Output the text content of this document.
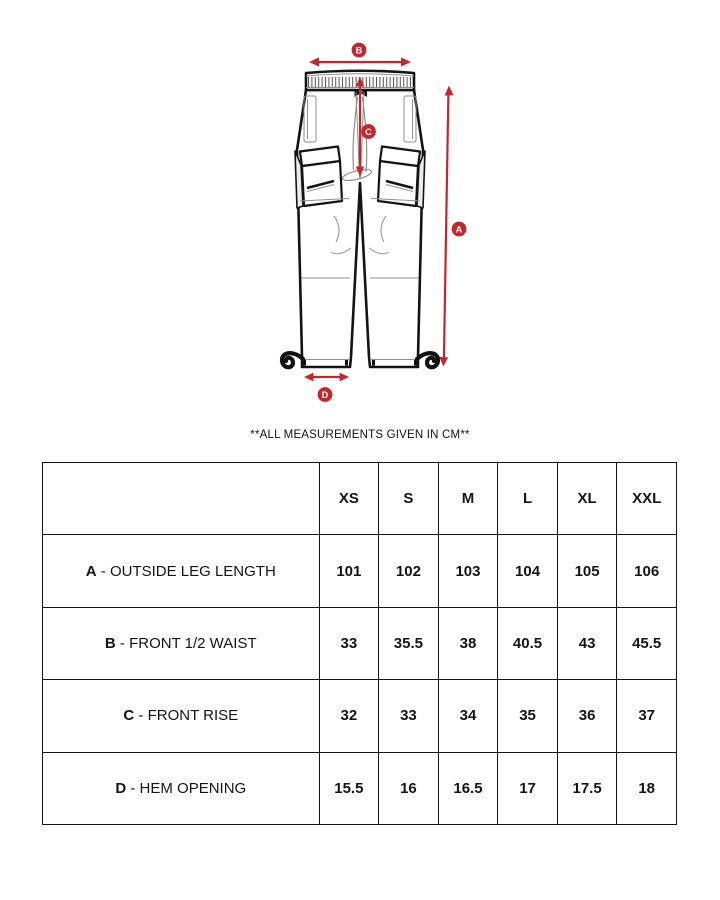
B
C
A
D
**ALL MEASUREMENTS GIVEN IN CM**
	XS	S	M	L	XL	XXL
A - OUTSIDE LEG LENGTH	101	102	103	104	105	106
B - FRONT 1/2 WAIST	33	35.5	38	40.5	43	45.5
C - FRONT RISE	32	33	34	35	36	37
D - HEM OPENING	15.5	16	16.5	17	17.5	18
